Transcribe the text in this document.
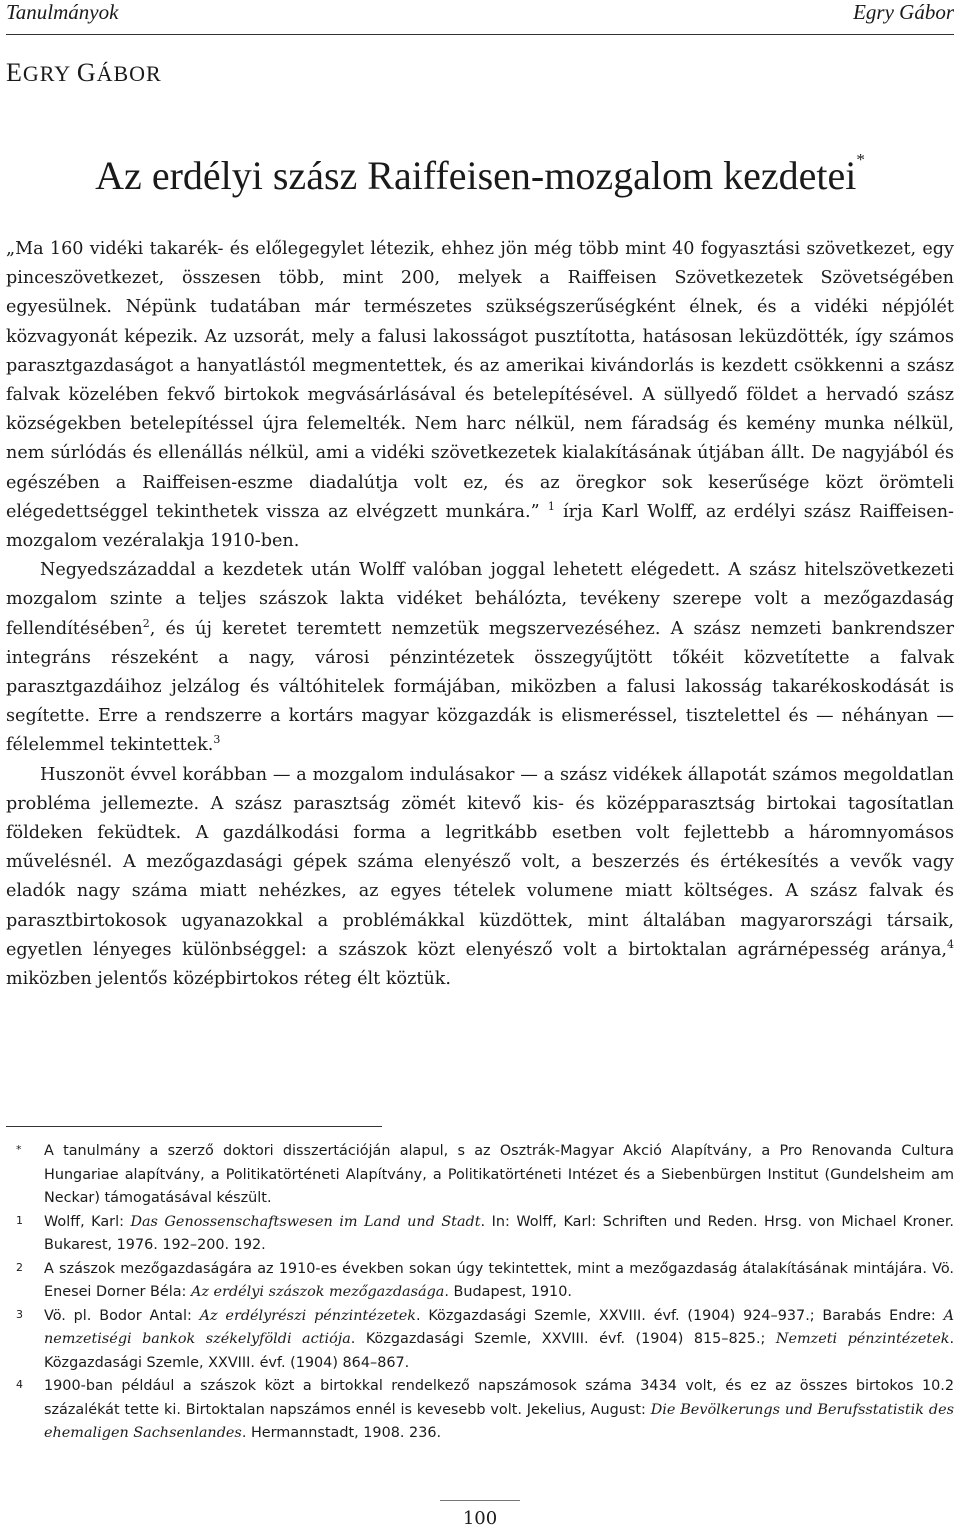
Tanulmányok	Egry Gábor
EGRY GÁBOR
Az erdélyi szász Raiffeisen-mozgalom kezdetei*

„Ma 160 vidéki takarék- és előlegegylet létezik, ehhez jön még több mint 40 fogyasztási szövetkezet, egy pinceszövetkezet, összesen több, mint 200, melyek a Raiffeisen Szövetkezetek Szövetségében egyesülnek. Népünk tudatában már természetes szükségszerűségként élnek, és a vidéki népjólét közvagyonát képezik. Az uzsorát, mely a falusi lakosságot pusztította, hatásosan leküzdötték, így számos parasztgazdaságot a hanyatlástól megmentettek, és az amerikai kivándorlás is kezdett csökkenni a szász falvak közelében fekvő birtokok megvásárlásával és betelepítésével. A süllyedő földet a hervadó szász községekben betelepítéssel újra felemelték. Nem harc nélkül, nem fáradság és kemény munka nélkül, nem súrlódás és ellenállás nélkül, ami a vidéki szövetkezetek kialakításának útjában állt. De nagyjából és egészében a Raiffeisen-eszme diadalútja volt ez, és az öregkor sok keserűsége közt örömteli elégedettséggel tekinthetek vissza az elvégzett munkára.” $^1$ írja Karl Wolff, az erdélyi szász Raiffeisen-mozgalom vezéralakja 1910-ben.

Negyedszázaddal a kezdetek után Wolff valóban joggal lehetett elégedett. A szász hitelszövetkezeti mozgalom szinte a teljes szászok lakta vidéket behálózta, tevékeny szerepe volt a mezőgazdaság fellendítésében$^2$, és új keretet teremtett nemzetük megszervezéséhez. A szász nemzeti bankrendszer integráns részeként a nagy, városi pénzintézetek összegyűjtött tőkéit közvetítette a falvak parasztgazdáihoz jelzálog és váltóhitelek formájában, miközben a falusi lakosság takarékoskodását is segítette. Erre a rendszerre a kortárs magyar közgazdák is elismeréssel, tisztelettel és — néhányan — félelemmel tekintettek.$^3$

Huszonöt évvel korábban — a mozgalom indulásakor — a szász vidékek állapotát számos megoldatlan probléma jellemezte. A szász parasztság zömét kitevő kis- és középparasztság birtokai tagosítatlan földeken feküdtek. A gazdálkodási forma a legritkább esetben volt fejlettebb a háromnyomásos művelésnél. A mezőgazdasági gépek száma elenyésző volt, a beszerzés és értékesítés a vevők vagy eladók nagy száma miatt nehézkes, az egyes tételek volumene miatt költséges. A szász falvak és parasztbirtokosok ugyanazokkal a problémákkal küzdöttek, mint általában magyarországi társaik, egyetlen lényeges különbséggel: a szászok közt elenyésző volt a birtoktalan agrárnépesség aránya,$^4$ miközben jelentős középbirtokos réteg élt köztük.

*	A tanulmány a szerző doktori disszertációján alapul, s az Osztrák-Magyar Akció Alapítvány, a Pro Renovanda Cultura Hungariae alapítvány, a Politikatörténeti Alapítvány, a Politikatörténeti Intézet és a Siebenbürgen Institut (Gundelsheim am Neckar) támogatásával készült.
1	Wolff, Karl: Das Genossenschaftswesen im Land und Stadt. In: Wolff, Karl: Schriften und Reden. Hrsg. von Michael Kroner. Bukarest, 1976. 192–200. 192.
2	A szászok mezőgazdaságára az 1910-es években sokan úgy tekintettek, mint a mezőgazdaság átalakításának mintájára. Vö. Enesei Dorner Béla: Az erdélyi szászok mezőgazdasága. Budapest, 1910.
3	Vö. pl. Bodor Antal: Az erdélyrészi pénzintézetek. Közgazdasági Szemle, XXVIII. évf. (1904) 924–937.; Barabás Endre: A nemzetiségi bankok székelyföldi actiója. Közgazdasági Szemle, XXVIII. évf. (1904) 815–825.; Nemzeti pénzintézetek. Közgazdasági Szemle, XXVIII. évf. (1904) 864–867.
4	1900-ban például a szászok közt a birtokkal rendelkező napszámosok száma 3434 volt, és ez az összes birtokos 10.2 százalékát tette ki. Birtoktalan napszámos ennél is kevesebb volt. Jekelius, August: Die Bevölkerungs und Berufsstatistik des ehemaligen Sachsenlandes. Hermannstadt, 1908. 236.
100
